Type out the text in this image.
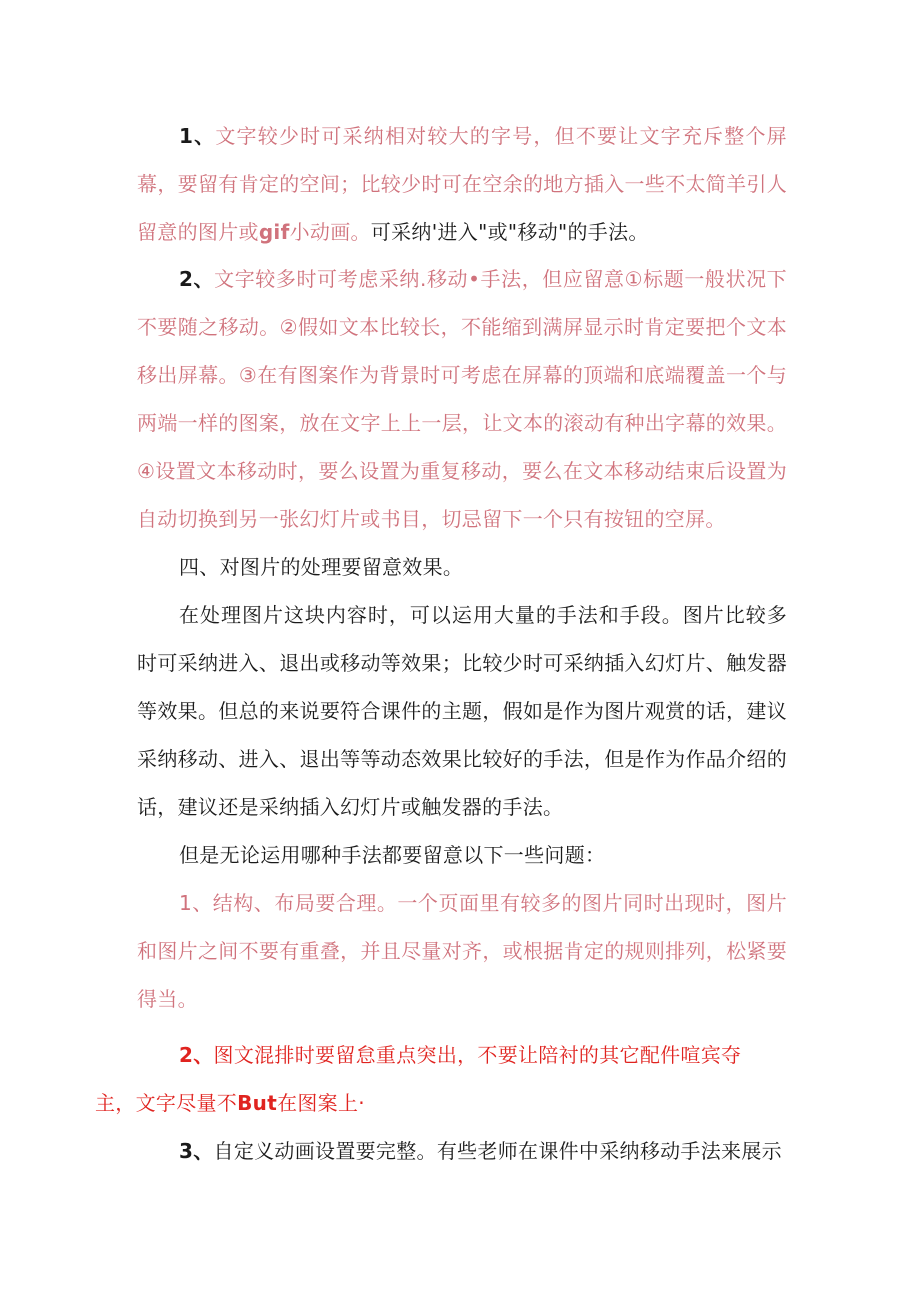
1、文字较少时可采纳相对较大的字号，但不要让文字充斥整个屏幕，要留有肯定的空间；比较少时可在空余的地方插入一些不太简羊引人留意的图片或gif小动画。可采纳'进入"或"移动"的手法。

2、文字较多时可考虑采纳.移动•手法，但应留意①标题一般状况下不要随之移动。②假如文本比较长，不能缩到满屏显示时肯定要把个文本移出屏幕。③在有图案作为背景时可考虑在屏幕的顶端和底端覆盖一个与两端一样的图案，放在文字上上一层，让文本的滚动有种出字幕的效果。④设置文本移动时，要么设置为重复移动，要么在文本移动结束后设置为自动切换到另一张幻灯片或书目，切忌留下一个只有按钮的空屏。

四、对图片的处理要留意效果。

在处理图片这块内容时，可以运用大量的手法和手段。图片比较多时可采纳进入、退出或移动等效果；比较少时可采纳插入幻灯片、触发器等效果。但总的来说要符合课件的主题，假如是作为图片观赏的话，建议采纳移动、进入、退出等等动态效果比较好的手法，但是作为作品介绍的话，建议还是采纳插入幻灯片或触发器的手法。

但是无论运用哪种手法都要留意以下一些问题：

1、结构、布局要合理。一个页面里有较多的图片同时出现时，图片和图片之间不要有重叠，并且尽量对齐，或根据肯定的规则排列，松紧要得当。

2、图文混排时要留怠重点突出，不要让陪衬的其它配件喧宾夺
主，文字尽量不But在图案上·

3、自定义动画设置要完整。有些老师在课件中采纳移动手法来展示
